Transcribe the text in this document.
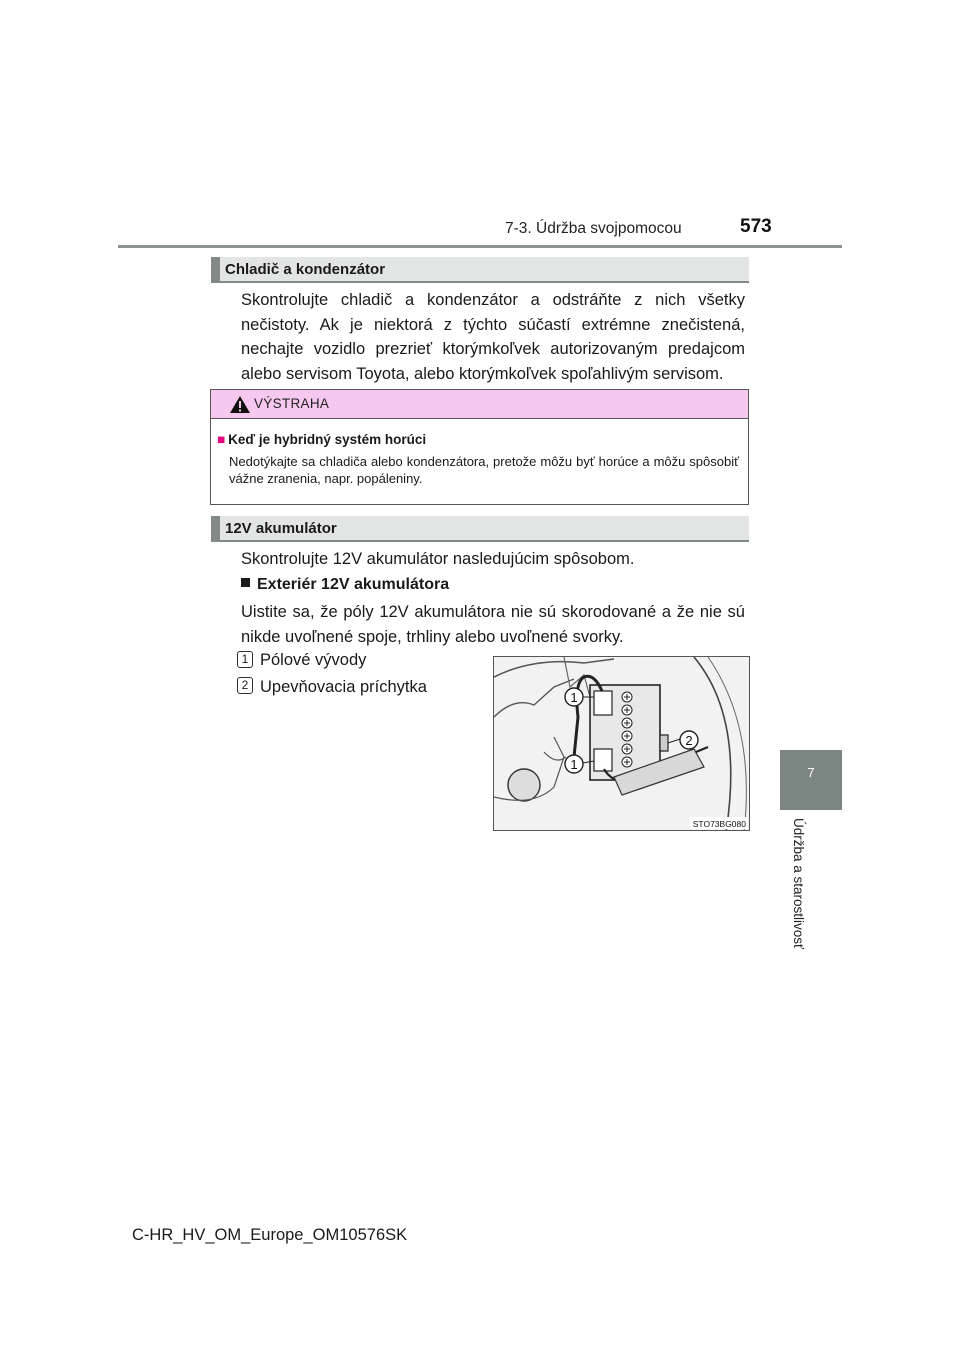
7-3. Údržba svojpomocou	573
7
Údržba a starostlivosť
Chladič a kondenzátor
Skontrolujte chladič a kondenzátor a odstráňte z nich všetky nečistoty. Ak je niektorá z týchto súčastí extrémne znečistená, nechajte vozidlo prezrieť ktorýmkoľvek autorizovaným predajcom alebo servisom Toyota, alebo ktorýmkoľvek spoľahlivým servisom.
VÝSTRAHA
■ Keď je hybridný systém horúci
Nedotýkajte sa chladiča alebo kondenzátora, pretože môžu byť horúce a môžu spôsobiť vážne zranenia, napr. popáleniny.
12V akumulátor
Skontrolujte 12V akumulátor nasledujúcim spôsobom.
Exteriér 12V akumulátora
Uistite sa, že póly 12V akumulátora nie sú skorodované a že nie sú nikde uvoľnené spoje, trhliny alebo uvoľnené svorky.
1 Pólové vývody
2 Upevňovacia príchytka
1
2
1
STO73BG080
C-HR_HV_OM_Europe_OM10576SK
